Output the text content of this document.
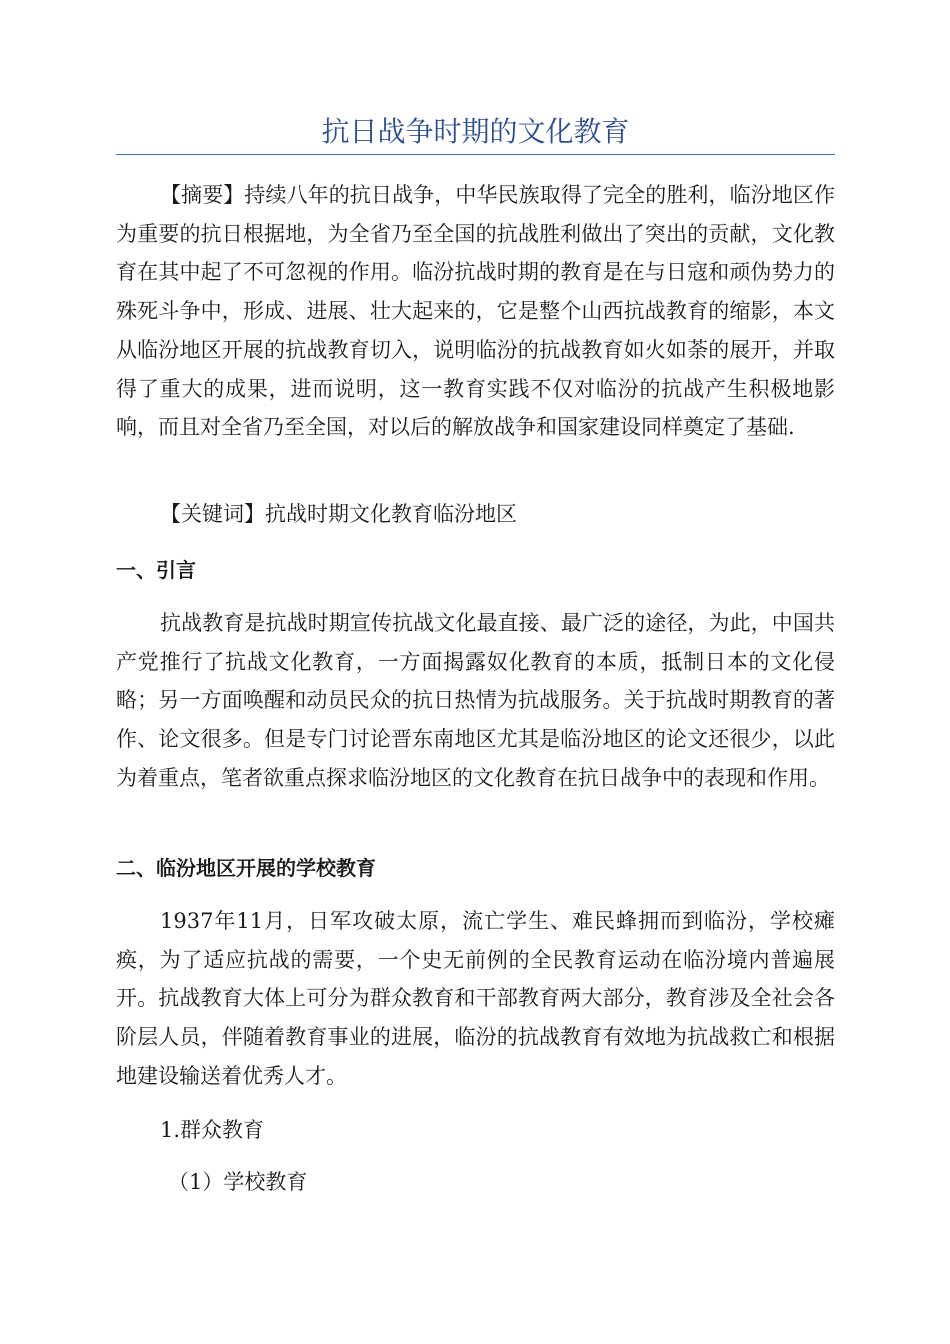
抗日战争时期的文化教育

【摘要】持续八年的抗日战争，中华民族取得了完全的胜利，临汾地区作为重要的抗日根据地，为全省乃至全国的抗战胜利做出了突出的贡献，文化教育在其中起了不可忽视的作用。临汾抗战时期的教育是在与日寇和顽伪势力的殊死斗争中，形成、进展、壮大起来的，它是整个山西抗战教育的缩影，本文从临汾地区开展的抗战教育切入，说明临汾的抗战教育如火如荼的展开，并取得了重大的成果，进而说明，这一教育实践不仅对临汾的抗战产生积极地影响，而且对全省乃至全国，对以后的解放战争和国家建设同样奠定了基础.

【关键词】抗战时期文化教育临汾地区

一、引言

抗战教育是抗战时期宣传抗战文化最直接、最广泛的途径，为此，中国共产党推行了抗战文化教育，一方面揭露奴化教育的本质，抵制日本的文化侵略；另一方面唤醒和动员民众的抗日热情为抗战服务。关于抗战时期教育的著作、论文很多。但是专门讨论晋东南地区尤其是临汾地区的论文还很少，以此为着重点，笔者欲重点探求临汾地区的文化教育在抗日战争中的表现和作用。

二、临汾地区开展的学校教育

1937年11月，日军攻破太原，流亡学生、难民蜂拥而到临汾，学校瘫痪，为了适应抗战的需要，一个史无前例的全民教育运动在临汾境内普遍展开。抗战教育大体上可分为群众教育和干部教育两大部分，教育涉及全社会各阶层人员，伴随着教育事业的进展，临汾的抗战教育有效地为抗战救亡和根据地建设输送着优秀人才。

1.群众教育

（1）学校教育
